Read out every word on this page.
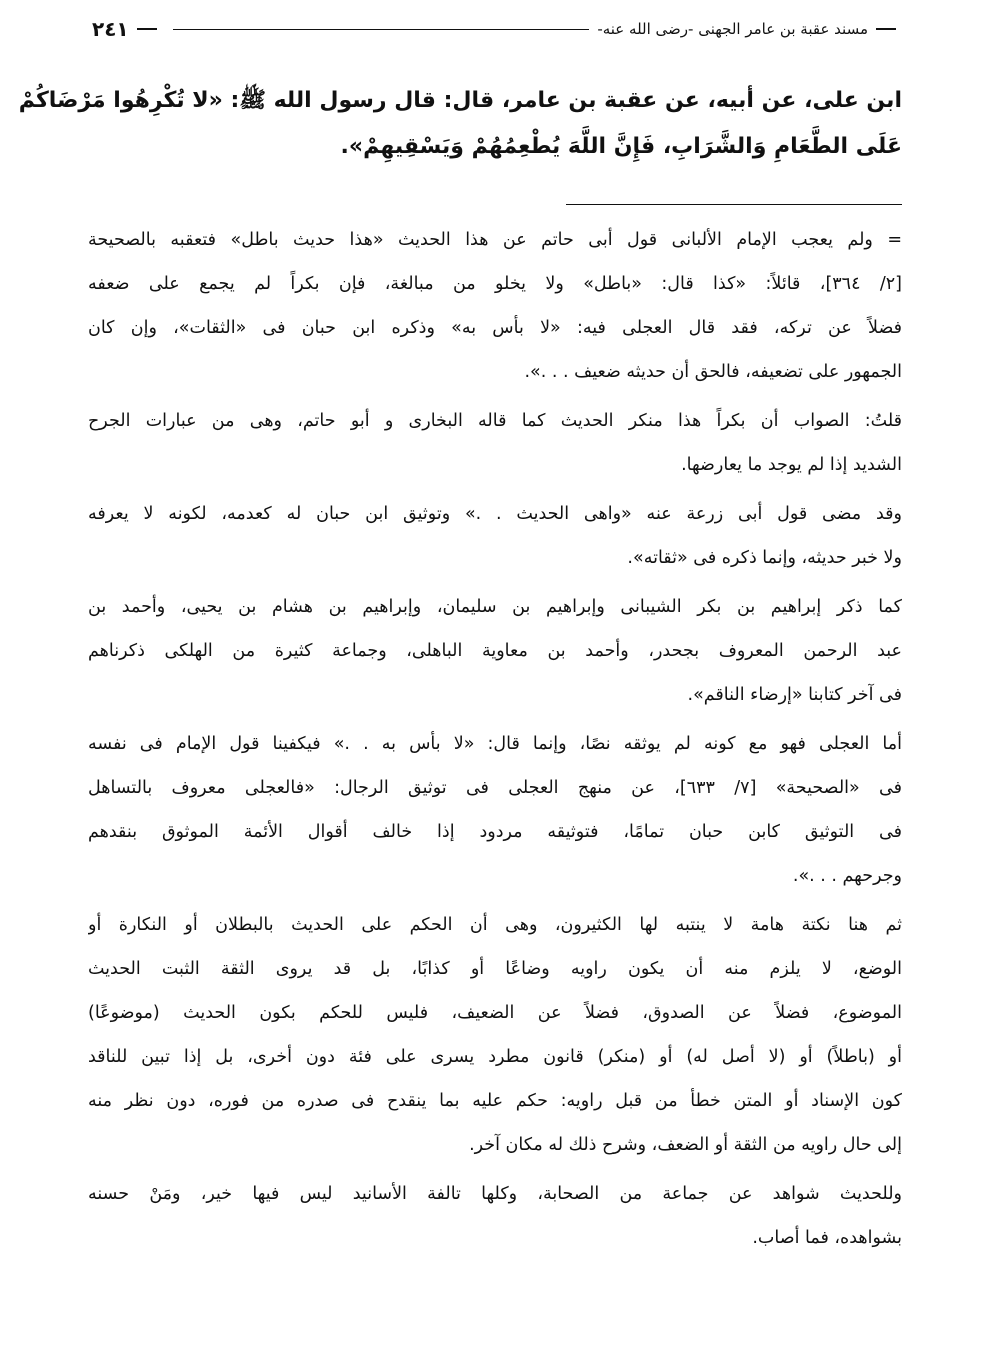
٢٤١	مسند عقبة بن عامر الجهنى -رضى الله عنه-
ابن على، عن أبيه، عن عقبة بن عامر، قال: قال رسول الله ﷺ: «لا تُكْرِهُوا مَرْضَاكُمْ
عَلَى الطَّعَامِ وَالشَّرَابِ، فَإِنَّ اللَّهَ يُطْعِمُهُمْ وَيَسْقِيهِمْ».
= ولم يعجب الإمام الألبانى قول أبى حاتم عن هذا الحديث «هذا حديث باطل» فتعقبه بالصحيحة
[٢/ ٣٦٤]، قائلاً: «كذا قال: «باطل» ولا يخلو من مبالغة، فإن بكراً لم يجمع على ضعفه
فضلاً عن تركه، فقد قال العجلى فيه: «لا بأس به» وذكره ابن حبان فى «الثقات»، وإن كان
الجمهور على تضعيفه، فالحق أن حديثه ضعيف . . .».
قلتُ: الصواب أن بكراً هذا منكر الحديث كما قاله البخارى و أبو حاتم، وهى من عبارات الجرح
الشديد إذا لم يوجد ما يعارضها.
وقد مضى قول أبى زرعة عنه «واهى الحديث . .» وتوثيق ابن حبان له كعدمه، لكونه لا يعرفه
ولا خبر حديثه، وإنما ذكره فى «ثقاته».
كما ذكر إبراهيم بن بكر الشيبانى وإبراهيم بن سليمان، وإبراهيم بن هشام بن يحيى، وأحمد بن
عبد الرحمن المعروف بجحدر، وأحمد بن معاوية الباهلى، وجماعة كثيرة من الهلكى ذكرناهم
فى آخر كتابنا «إرضاء الناقم».
أما العجلى فهو مع كونه لم يوثقه نصًا، وإنما قال: «لا بأس به . .» فيكفينا قول الإمام فى نفسه
فى «الصحيحة» [٧/ ٦٣٣]، عن منهج العجلى فى توثيق الرجال: «فالعجلى معروف بالتساهل
فى التوثيق كابن حبان تمامًا، فتوثيقه مردود إذا خالف أقوال الأئمة الموثوق بنقدهم
وجرحهم . . .».
ثم هنا نكتة هامة لا ينتبه لها الكثيرون، وهى أن الحكم على الحديث بالبطلان أو النكارة أو
الوضع، لا يلزم منه أن يكون راويه وضاعًا أو كذابًا، بل قد يروى الثقة الثبت الحديث
الموضوع، فضلاً عن الصدوق، فضلاً عن الضعيف، فليس للحكم بكون الحديث (موضوعًا)
أو (باطلاً) أو (لا أصل له) أو (منكر) قانون مطرد يسرى على فئة دون أخرى، بل إذا تبين للناقد
كون الإسناد أو المتن خطأ من قبل راويه: حكم عليه بما ينقدح فى صدره من فوره، دون نظر منه
إلى حال راويه من الثقة أو الضعف، وشرح ذلك له مكان آخر.
وللحديث شواهد عن جماعة من الصحابة، وكلها تالفة الأسانيد ليس فيها خير، ومَنْ حسنه
بشواهده، فما أصاب.
